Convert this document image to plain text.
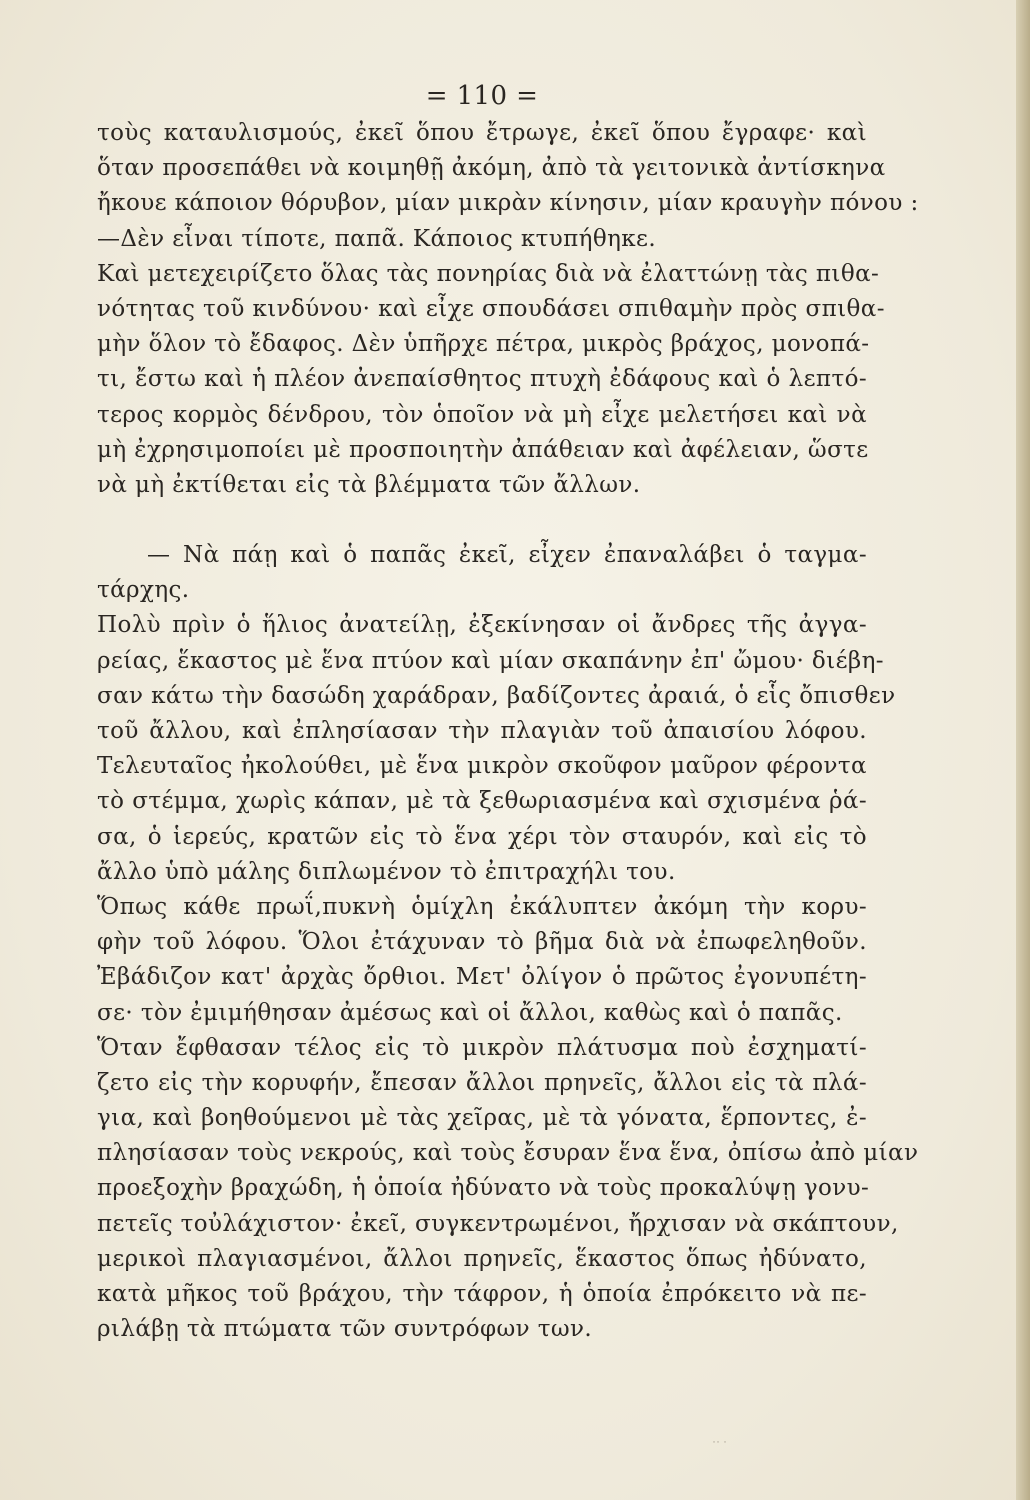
= 110 =
τοὺς καταυλισμούς, ἐκεῖ ὅπου ἔτρωγε, ἐκεῖ ὅπου ἔγραφε· καὶ
ὅταν προσεπάθει νὰ κοιμηθῇ ἀκόμη, ἀπὸ τὰ γειτονικὰ ἀντίσκηνα
ἤκουε κάποιον θόρυβον, μίαν μικρὰν κίνησιν, μίαν κραυγὴν πόνου :
—Δὲν εἶναι τίποτε, παπᾶ. Κάποιος κτυπήθηκε.
Καὶ μετεχειρίζετο ὅλας τὰς πονηρίας διὰ νὰ ἐλαττώνῃ τὰς πιθα-
νότητας τοῦ κινδύνου· καὶ εἶχε σπουδάσει σπιθαμὴν πρὸς σπιθα-
μὴν ὅλον τὸ ἔδαφος. Δὲν ὑπῆρχε πέτρα, μικρὸς βράχος, μονοπά-
τι, ἔστω καὶ ἡ πλέον ἀνεπαίσθητος πτυχὴ ἐδάφους καὶ ὁ λεπτό-
τερος κορμὸς δένδρου, τὸν ὁποῖον νὰ μὴ εἶχε μελετήσει καὶ νὰ
μὴ ἐχρησιμοποίει μὲ προσποιητὴν ἀπάθειαν καὶ ἀφέλειαν, ὥστε
νὰ μὴ ἐκτίθεται εἰς τὰ βλέμματα τῶν ἄλλων.
— Νὰ πάῃ καὶ ὁ παπᾶς ἐκεῖ, εἶχεν ἐπαναλάβει ὁ ταγμα-
τάρχης.
Πολὺ πρὶν ὁ ἥλιος ἀνατείλῃ, ἐξεκίνησαν οἱ ἄνδρες τῆς ἀγγα-
ρείας, ἕκαστος μὲ ἕνα πτύον καὶ μίαν σκαπάνην ἐπ' ὤμου· διέβη-
σαν κάτω τὴν δασώδη χαράδραν, βαδίζοντες ἀραιά, ὁ εἷς ὄπισθεν
τοῦ ἄλλου, καὶ ἐπλησίασαν τὴν πλαγιὰν τοῦ ἀπαισίου λόφου.
Τελευταῖος ἠκολούθει, μὲ ἕνα μικρὸν σκοῦφον μαῦρον φέροντα
τὸ στέμμα, χωρὶς κάπαν, μὲ τὰ ξεθωριασμένα καὶ σχισμένα ῥά-
σα, ὁ ἱερεύς, κρατῶν εἰς τὸ ἕνα χέρι τὸν σταυρόν, καὶ εἰς τὸ
ἄλλο ὑπὸ μάλης διπλωμένον τὸ ἐπιτραχήλι του.
Ὅπως κάθε πρωΐ,πυκνὴ ὁμίχλη ἐκάλυπτεν ἀκόμη τὴν κορυ-
φὴν τοῦ λόφου. Ὅλοι ἐτάχυναν τὸ βῆμα διὰ νὰ ἐπωφεληθοῦν.
Ἐβάδιζον κατ' ἀρχὰς ὄρθιοι. Μετ' ὀλίγον ὁ πρῶτος ἐγονυπέτη-
σε· τὸν ἐμιμήθησαν ἀμέσως καὶ οἱ ἄλλοι, καθὼς καὶ ὁ παπᾶς.
Ὅταν ἔφθασαν τέλος εἰς τὸ μικρὸν πλάτυσμα ποὺ ἐσχηματί-
ζετο εἰς τὴν κορυφήν, ἔπεσαν ἄλλοι πρηνεῖς, ἄλλοι εἰς τὰ πλά-
για, καὶ βοηθούμενοι μὲ τὰς χεῖρας, μὲ τὰ γόνατα, ἕρποντες, ἐ-
πλησίασαν τοὺς νεκρούς, καὶ τοὺς ἔσυραν ἕνα ἕνα, ὀπίσω ἀπὸ μίαν
προεξοχὴν βραχώδη, ἡ ὁποία ἠδύνατο νὰ τοὺς προκαλύψῃ γονυ-
πετεῖς τοὐλάχιστον· ἐκεῖ, συγκεντρωμένοι, ἤρχισαν νὰ σκάπτουν,
μερικοὶ πλαγιασμένοι, ἄλλοι πρηνεῖς, ἕκαστος ὅπως ἠδύνατο,
κατὰ μῆκος τοῦ βράχου, τὴν τάφρον, ἡ ὁποία ἐπρόκειτο νὰ πε-
ριλάβῃ τὰ πτώματα τῶν συντρόφων των.
˙˙ ˙
